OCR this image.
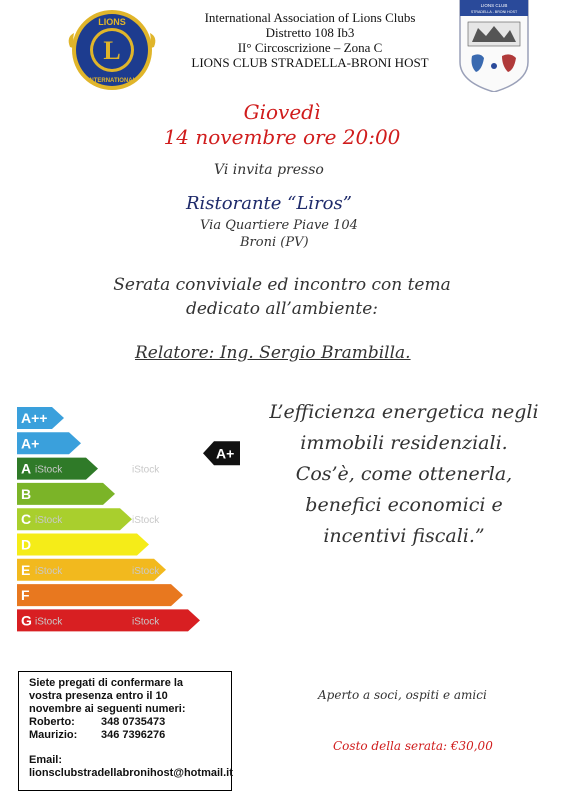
L
LIONS
INTERNATIONAL
International Association of Lions Clubs
Distretto 108 Ib3
II° Circoscrizione – Zona C
LIONS CLUB STRADELLA-BRONI HOST
LIONS CLUB
STRADELLA - BRONI HOST
Giovedì
14 novembre ore 20:00
Vi invita presso
Ristorante “Liros”
Via Quartiere Piave 104
Broni (PV)
Serata conviviale ed incontro con tema
dedicato all’ambiente:
Relatore: Ing. Sergio Brambilla.
A++
A+
A iStock	iStock
B
C iStock	iStock
D
E iStock	iStock
F
G iStock	iStock
A+
L’efficienza energetica negli
immobili residenziali.
Cos’è, come ottenerla,
benefici economici e
incentivi fiscali.”
Siete pregati di confermare la
vostra presenza entro il 10
novembre ai seguenti numeri:
Roberto:	348 0735473
Maurizio:	346 7396276
Email:
lionsclubstradellabronihost@hotmail.it
Aperto a soci, ospiti e amici
Costo della serata: €30,00
